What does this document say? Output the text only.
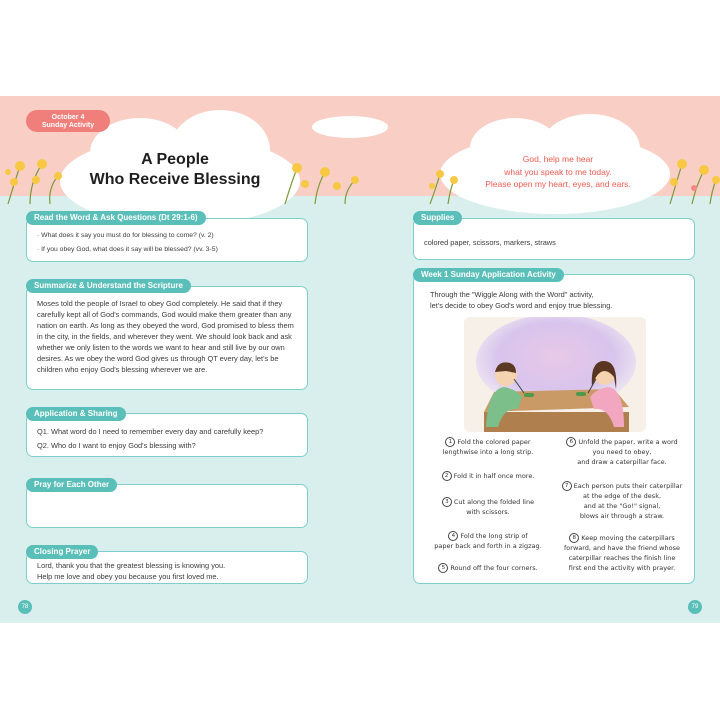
October 4
Sunday Activity
A People
Who Receive Blessing
God, help me hear
what you speak to me today.
Please open my heart, eyes, and ears.
· What does it say you must do for blessing to come? (v. 2)
· If you obey God, what does it say will be blessed? (vv. 3-5)
Read the Word & Ask Questions (Dt 29:1-6)
Moses told the people of Israel to obey God completely. He said that if they carefully kept all of God's commands, God would make them greater than any nation on earth. As long as they obeyed the word, God promised to bless them in the city, in the fields, and wherever they went. We should look back and ask whether we only listen to the words we want to hear and still live by our own desires. As we obey the word God gives us through QT every day, let's be children who enjoy God's blessing wherever we are.
Summarize & Understand the Scripture
Q1. What word do I need to remember every day and carefully keep?
Q2. Who do I want to enjoy God's blessing with?
Application & Sharing
Pray for Each Other
Lord, thank you that the greatest blessing is knowing you.
Help me love and obey you because you first loved me.
Closing Prayer
78
colored paper, scissors, markers, straws
Supplies
Through the "Wiggle Along with the Word" activity,
let's decide to obey God's word and enjoy true blessing.
1 Fold the colored paper
lengthwise into a long strip.
2 Fold it in half once more.
3 Cut along the folded line
with scissors.
4 Fold the long strip of
paper back and forth in a zigzag.
5 Round off the four corners.
6 Unfold the paper, write a word
you need to obey,
and draw a caterpillar face.
7 Each person puts their caterpillar
at the edge of the desk,
and at the "Go!" signal,
blows air through a straw.
8 Keep moving the caterpillars
forward, and have the friend whose
caterpillar reaches the finish line
first end the activity with prayer.
Week 1 Sunday Application Activity
79
